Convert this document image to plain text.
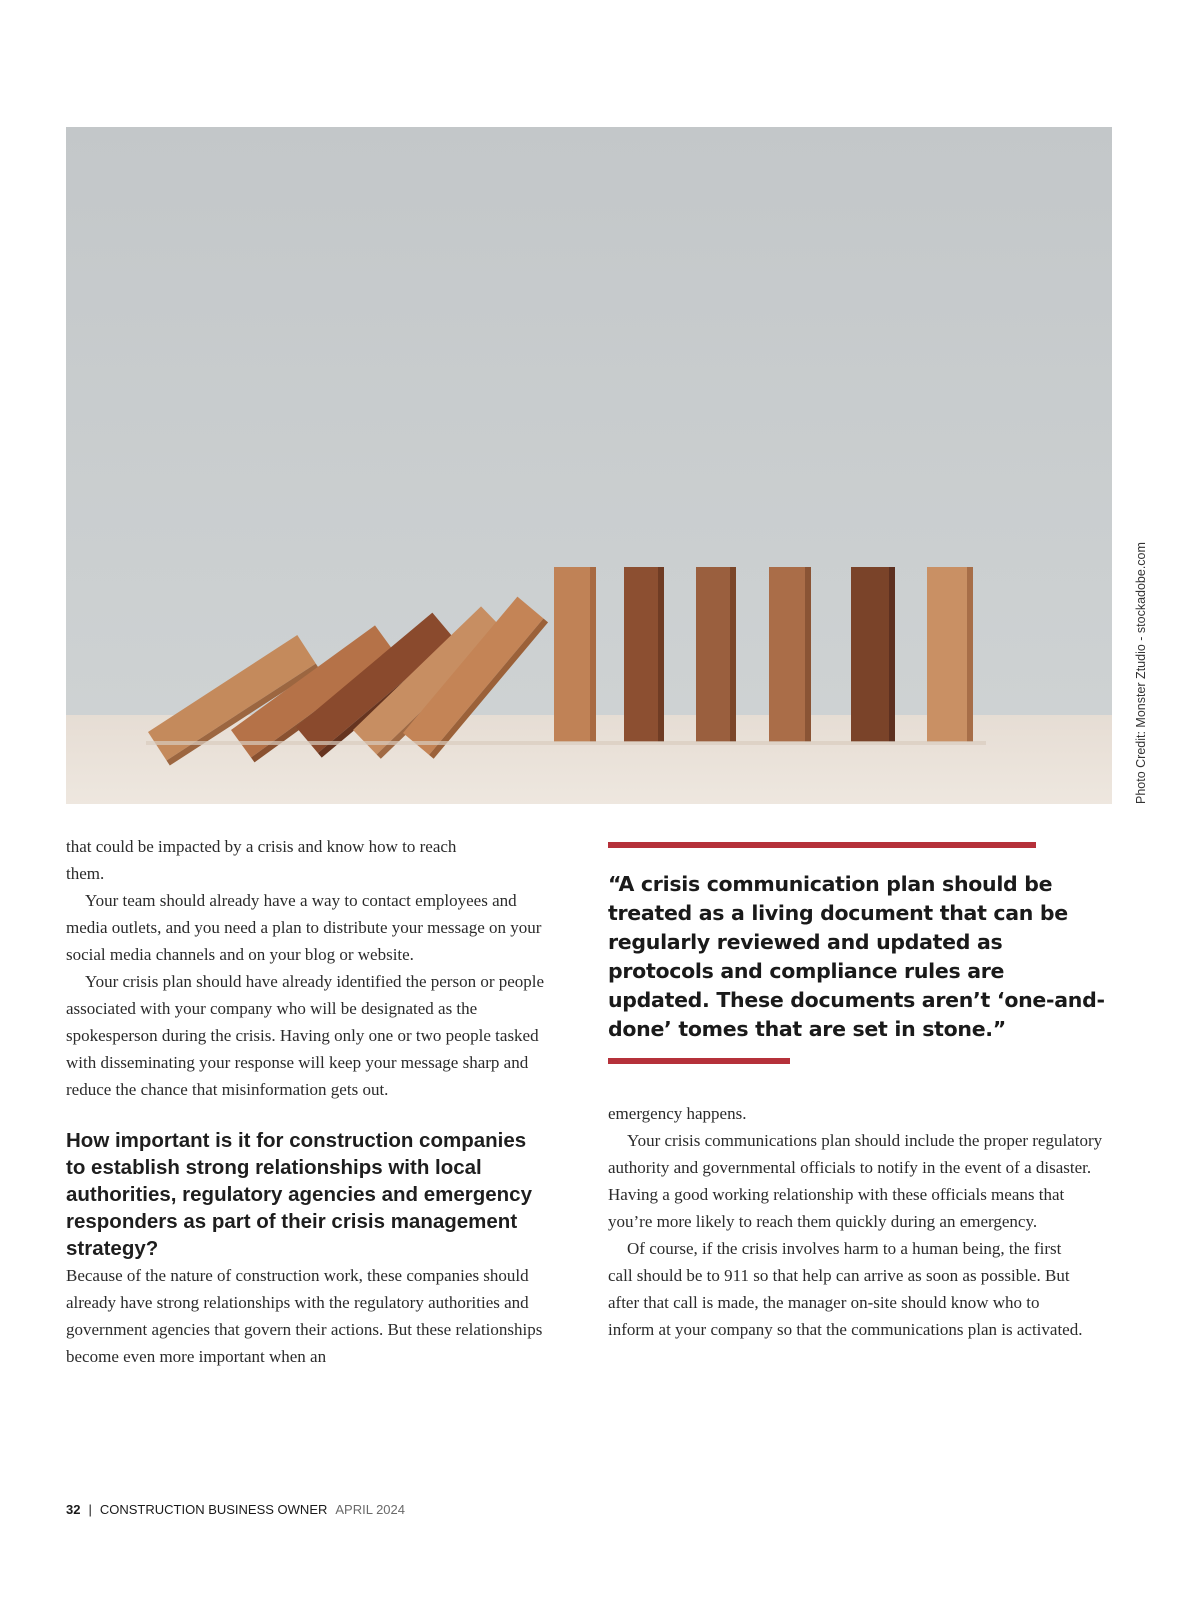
Photo Credit: Monster Ztudio - stockadobe.com

that could be impacted by a crisis and know how to reach them.

Your team should already have a way to contact employees and media outlets, and you need a plan to distribute your message on your social media channels and on your blog or website.

Your crisis plan should have already identified the person or people associated with your company who will be designated as the spokesperson during the crisis. Having only one or two people tasked with disseminating your response will keep your message sharp and reduce the chance that misinformation gets out.

How important is it for construction companies to establish strong relationships with local authorities, regulatory agencies and emergency responders as part of their crisis management strategy?

Because of the nature of construction work, these companies should already have strong relationships with the regulatory authorities and government agencies that govern their actions. But these relationships become even more important when an

“A crisis communication plan should be treated as a living document that can be regularly reviewed and updated as protocols and compliance rules are updated. These documents aren’t ‘one-and-done’ tomes that are set in stone.”

emergency happens.

Your crisis communications plan should include the proper regulatory authority and governmental officials to notify in the event of a disaster. Having a good working relationship with these officials means that you’re more likely to reach them quickly during an emergency.

Of course, if the crisis involves harm to a human being, the first call should be to 911 so that help can arrive as soon as possible. But after that call is made, the manager on-site should know who to inform at your company so that the communications plan is activated.

32 | CONSTRUCTION BUSINESS OWNER APRIL 2024
